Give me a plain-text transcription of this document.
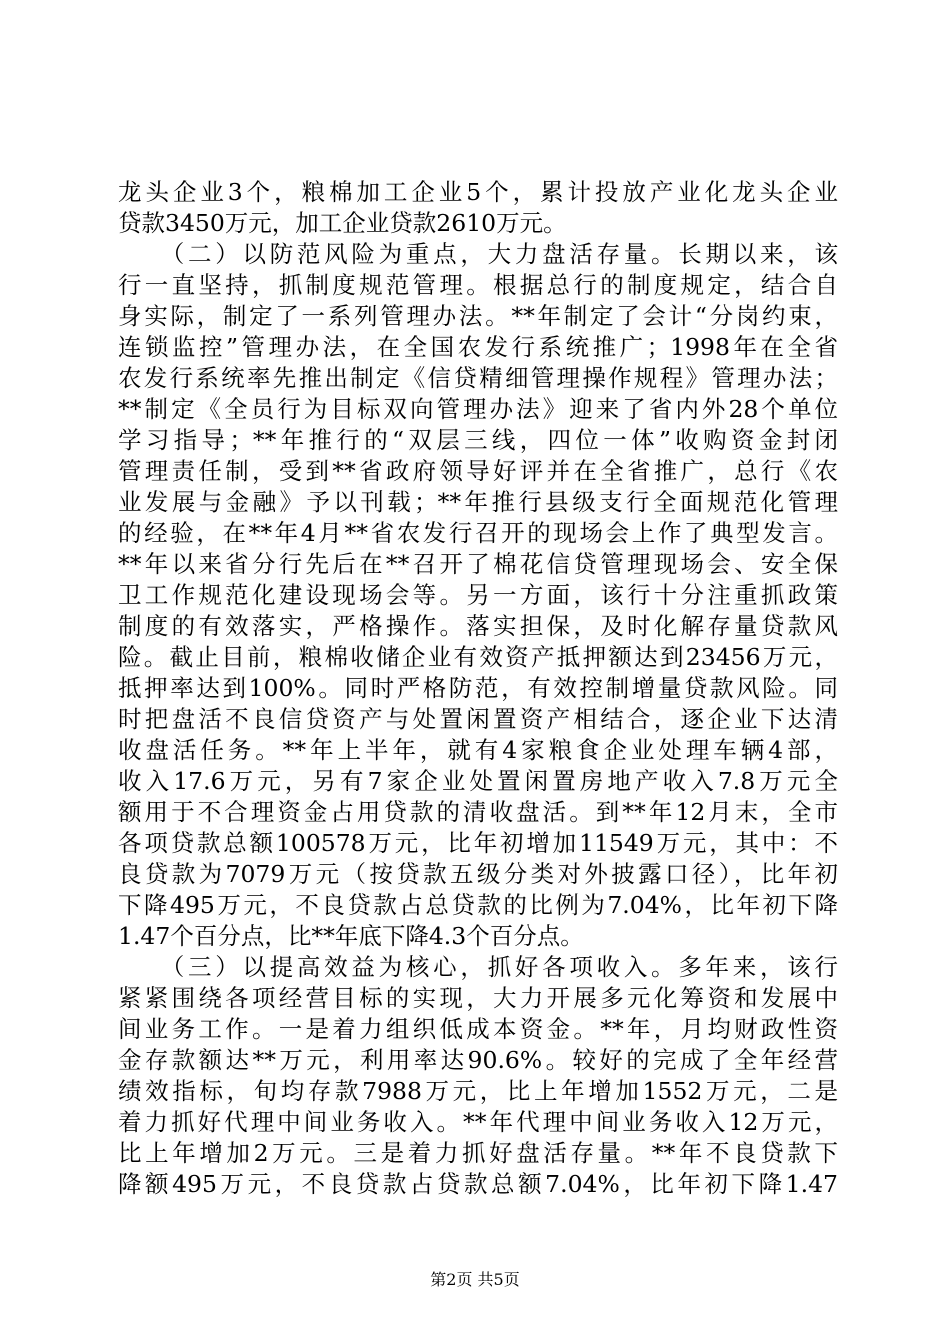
龙头企业3个，粮棉加工企业5个，累计投放产业化龙头企业
贷款3450万元，加工企业贷款2610万元。
　　（二）以防范风险为重点，大力盘活存量。长期以来，该
行一直坚持，抓制度规范管理。根据总行的制度规定，结合自
身实际，制定了一系列管理办法。**年制定了会计“分岗约束，
连锁监控”管理办法，在全国农发行系统推广；1998年在全省
农发行系统率先推出制定《信贷精细管理操作规程》管理办法；
**制定《全员行为目标双向管理办法》迎来了省内外28个单位
学习指导；**年推行的“双层三线，四位一体”收购资金封闭
管理责任制，受到**省政府领导好评并在全省推广，总行《农
业发展与金融》予以刊载；**年推行县级支行全面规范化管理
的经验，在**年4月**省农发行召开的现场会上作了典型发言。
**年以来省分行先后在**召开了棉花信贷管理现场会、安全保
卫工作规范化建设现场会等。另一方面，该行十分注重抓政策
制度的有效落实，严格操作。落实担保，及时化解存量贷款风
险。截止目前，粮棉收储企业有效资产抵押额达到23456万元，
抵押率达到100%。同时严格防范，有效控制增量贷款风险。同
时把盘活不良信贷资产与处置闲置资产相结合，逐企业下达清
收盘活任务。**年上半年，就有4家粮食企业处理车辆4部，
收入17.6万元，另有7家企业处置闲置房地产收入7.8万元全
额用于不合理资金占用贷款的清收盘活。到**年12月末，全市
各项贷款总额100578万元，比年初增加11549万元，其中：不
良贷款为7079万元（按贷款五级分类对外披露口径），比年初
下降495万元，不良贷款占总贷款的比例为7.04%，比年初下降
1.47个百分点，比**年底下降4.3个百分点。
　　（三）以提高效益为核心，抓好各项收入。多年来，该行
紧紧围绕各项经营目标的实现，大力开展多元化筹资和发展中
间业务工作。一是着力组织低成本资金。**年，月均财政性资
金存款额达**万元，利用率达90.6%。较好的完成了全年经营
绩效指标，旬均存款7988万元，比上年增加1552万元，二是
着力抓好代理中间业务收入。**年代理中间业务收入12万元，
比上年增加2万元。三是着力抓好盘活存量。**年不良贷款下
降额495万元，不良贷款占贷款总额7.04%，比年初下降1.47
第2页 共5页
